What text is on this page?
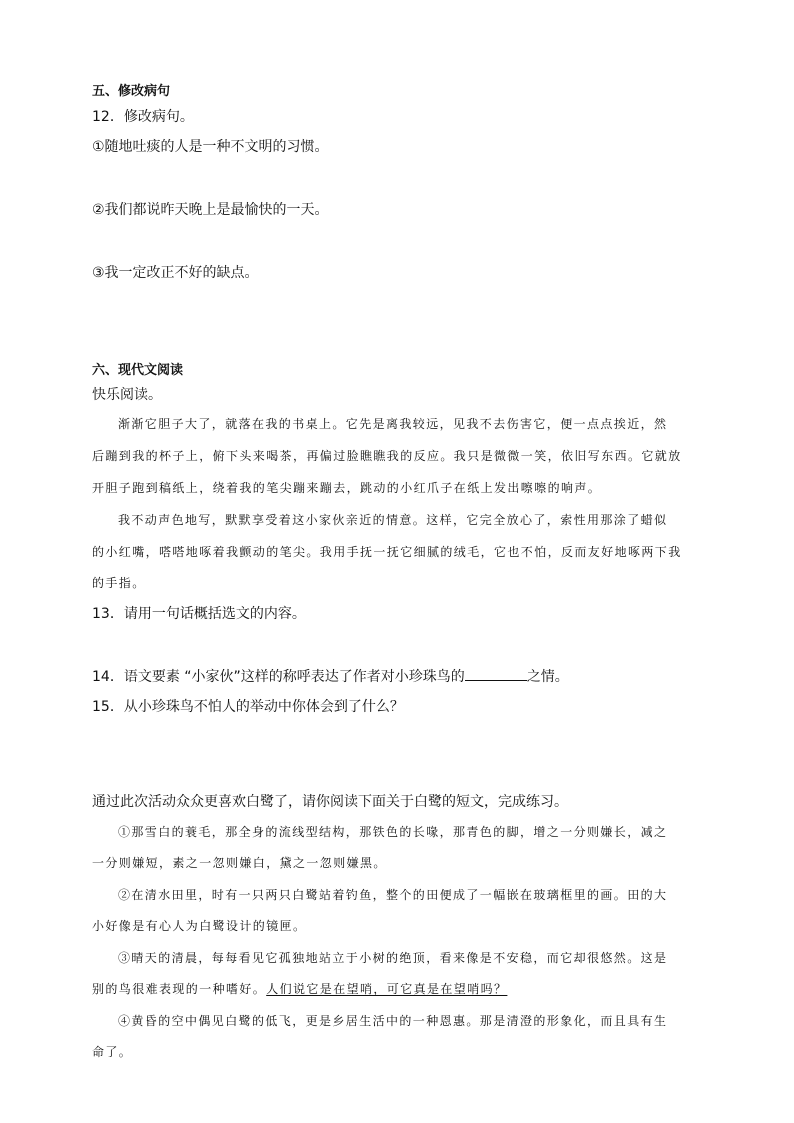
五、修改病句
12．修改病句。
①随地吐痰的人是一种不文明的习惯。
②我们都说昨天晚上是最愉快的一天。
③我一定改正不好的缺点。
六、现代文阅读
快乐阅读。
渐渐它胆子大了，就落在我的书桌上。它先是离我较远，见我不去伤害它，便一点点挨近，然
后蹦到我的杯子上，俯下头来喝茶，再偏过脸瞧瞧我的反应。我只是微微一笑，依旧写东西。它就放
开胆子跑到稿纸上，绕着我的笔尖蹦来蹦去，跳动的小红爪子在纸上发出嚓嚓的响声。
我不动声色地写，默默享受着这小家伙亲近的情意。这样，它完全放心了，索性用那涂了蜡似
的小红嘴，嗒嗒地啄着我颤动的笔尖。我用手抚一抚它细腻的绒毛，它也不怕，反而友好地啄两下我
的手指。
13．请用一句话概括选文的内容。
14．语文要素 “小家伙”这样的称呼表达了作者对小珍珠鸟的	之情。
15．从小珍珠鸟不怕人的举动中你体会到了什么？
通过此次活动众众更喜欢白鹭了，请你阅读下面关于白鹭的短文，完成练习。
①那雪白的蓑毛，那全身的流线型结构，那铁色的长喙，那青色的脚，增之一分则嫌长，减之
一分则嫌短，素之一忽则嫌白，黛之一忽则嫌黑。
②在清水田里，时有一只两只白鹭站着钓鱼，整个的田便成了一幅嵌在玻璃框里的画。田的大
小好像是有心人为白鹭设计的镜匣。
③晴天的清晨，每每看见它孤独地站立于小树的绝顶，看来像是不安稳，而它却很悠然。这是
别的鸟很难表现的一种嗜好。人们说它是在望哨，可它真是在望哨吗？
④黄昏的空中偶见白鹭的低飞，更是乡居生活中的一种恩惠。那是清澄的形象化，而且具有生
命了。
